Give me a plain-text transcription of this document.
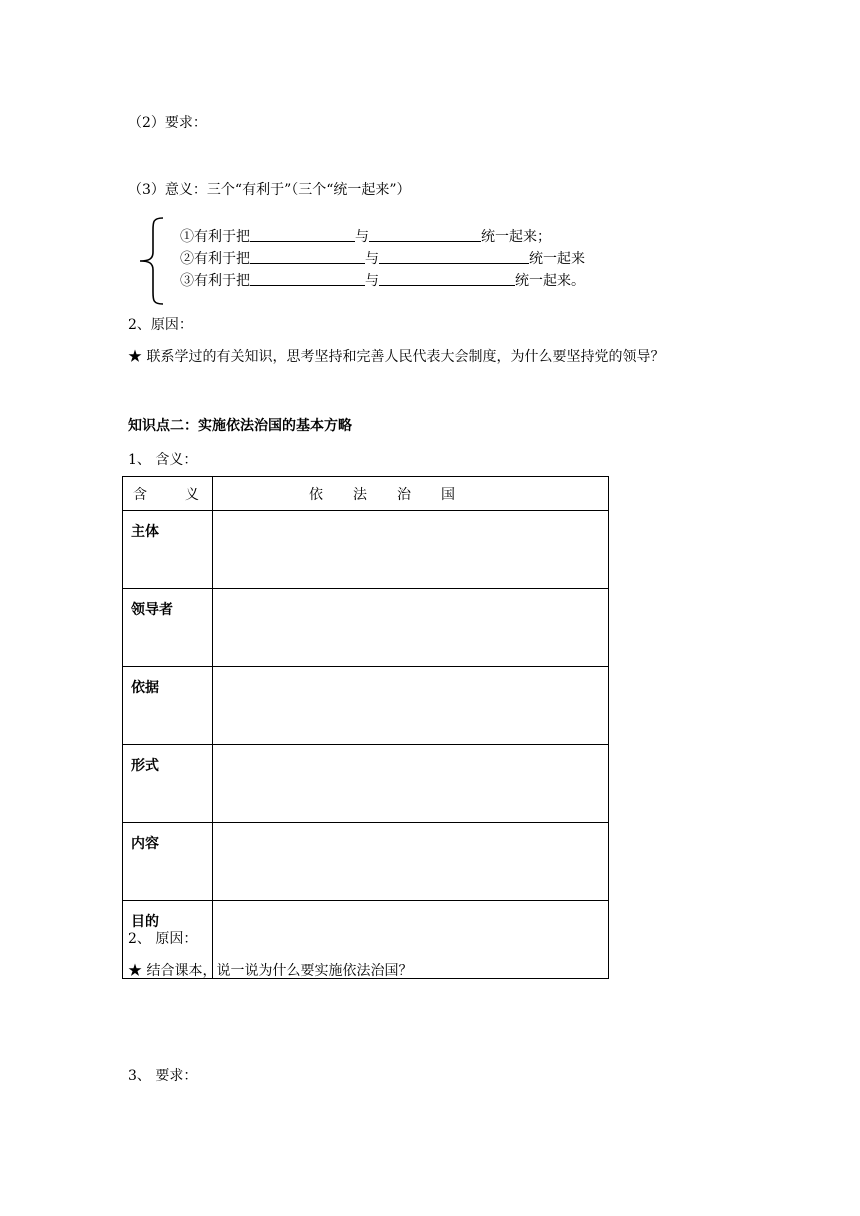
（2）要求：
（3）意义：三个“有利于”（三个“统一起来”）
①有利于把	与	统一起来；
②有利于把	与	统一起来
③有利于把	与	统一起来。
2、原因：
★ 联系学过的有关知识，思考坚持和完善人民代表大会制度，为什么要坚持党的领导？
知识点二：实施依法治国的基本方略
1、 含义：
含 义	依 法 治 国
主体	
领导者	
依据	
形式	
内容	
目的	
2、 原因：
★ 结合课本，说一说为什么要实施依法治国？
3、 要求：
